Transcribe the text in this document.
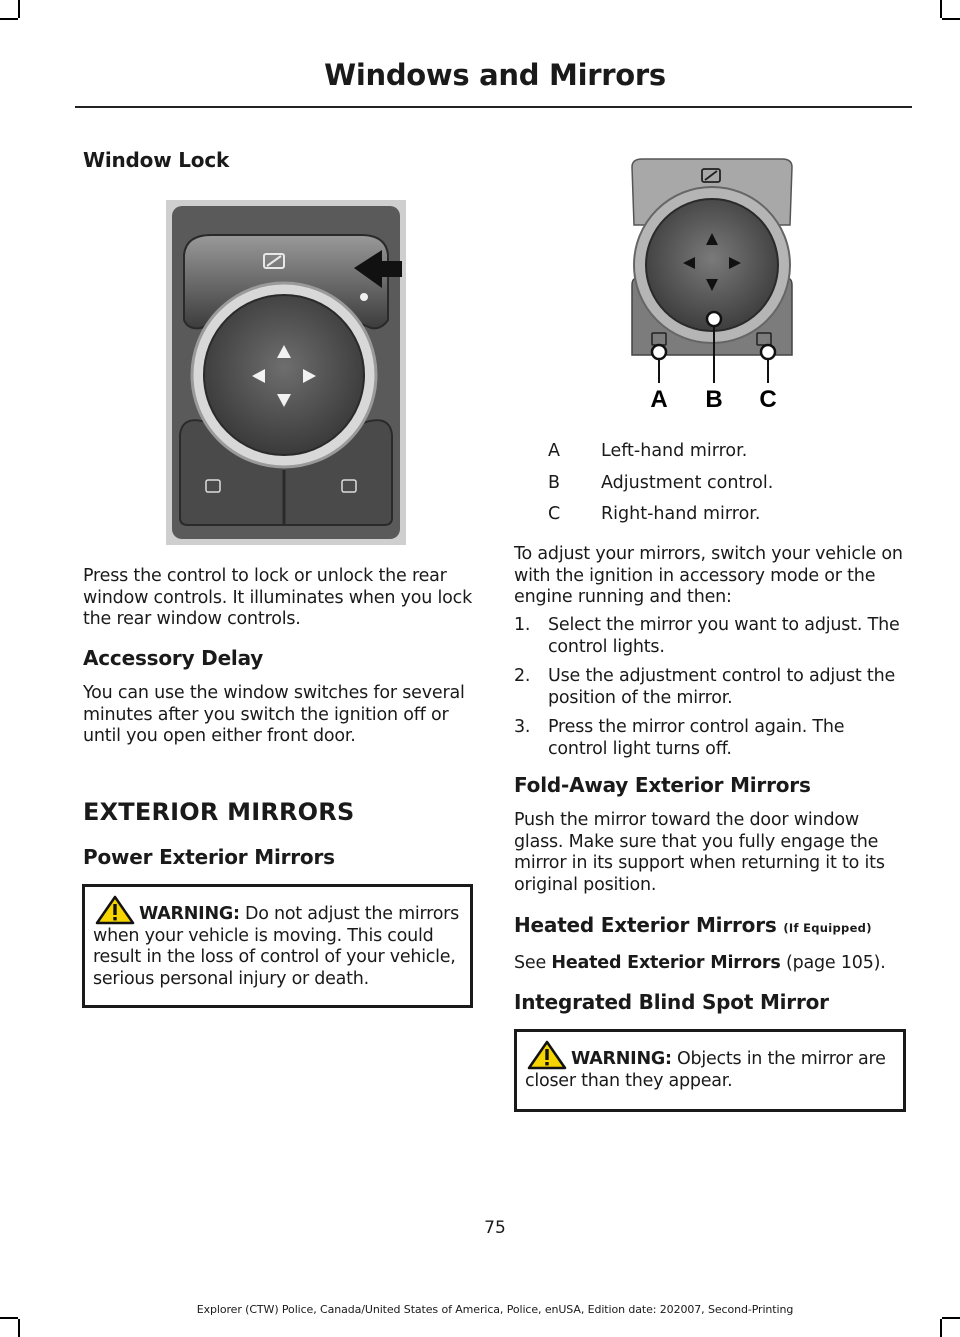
Windows and Mirrors
Window Lock

Press the control to lock or unlock the rear window controls. It illuminates when you lock the rear window controls.

Accessory Delay

You can use the window switches for several minutes after you switch the ignition off or until you open either front door.

EXTERIOR MIRRORS
Power Exterior Mirrors
WARNING: Do not adjust the mirrors when your vehicle is moving. This could result in the loss of control of your vehicle, serious personal injury or death.
A B C
A Left-hand mirror.
B Adjustment control.
C Right-hand mirror.

To adjust your mirrors, switch your vehicle on with the ignition in accessory mode or the engine running and then:

1. Select the mirror you want to adjust. The control lights.
2. Use the adjustment control to adjust the position of the mirror.
3. Press the mirror control again. The control light turns off.
Fold-Away Exterior Mirrors

Push the mirror toward the door window glass. Make sure that you fully engage the mirror in its support when returning it to its original position.

Heated Exterior Mirrors (If Equipped)

See Heated Exterior Mirrors (page 105).

Integrated Blind Spot Mirror
WARNING: Objects in the mirror are closer than they appear.
75
Explorer (CTW) Police, Canada/United States of America, Police, enUSA, Edition date: 202007, Second-Printing
